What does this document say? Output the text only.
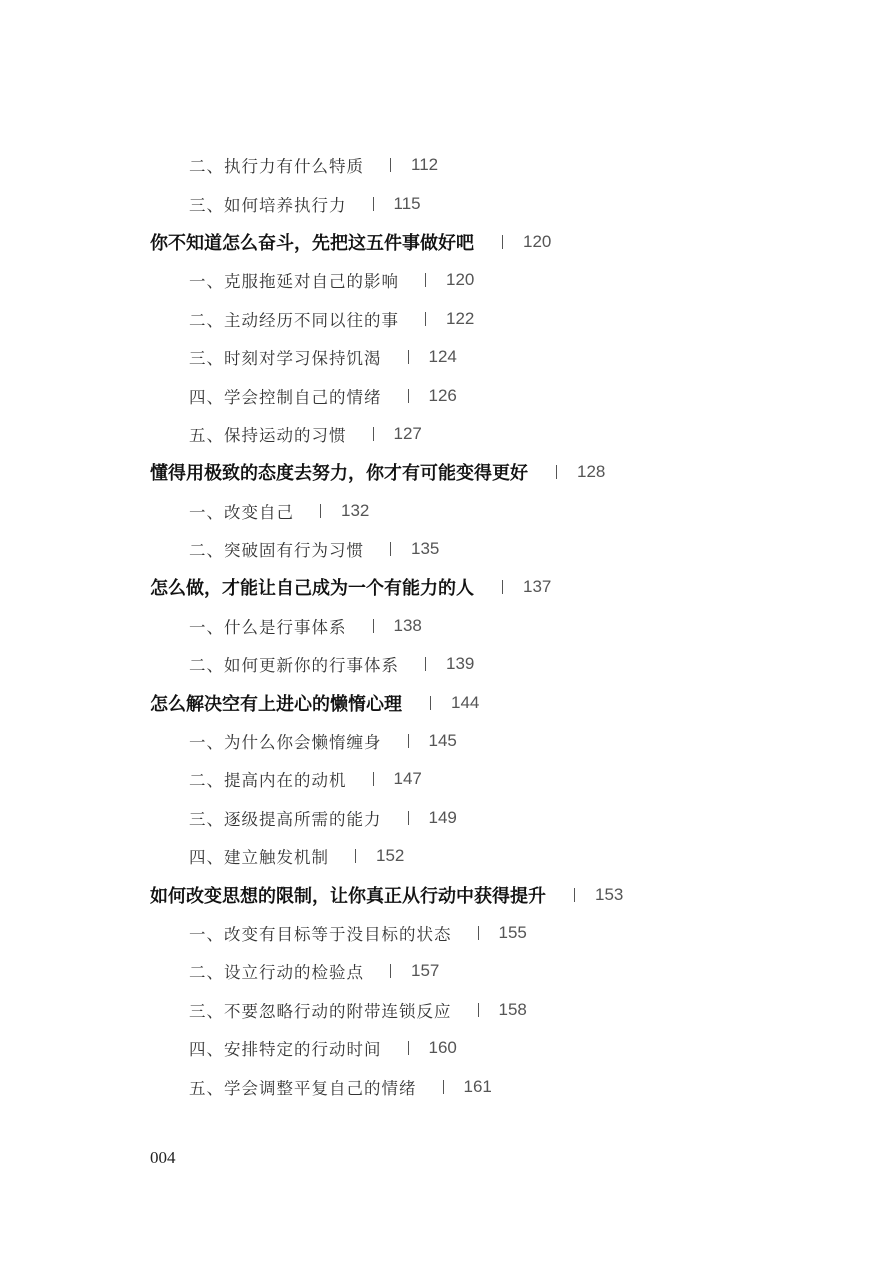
二、执行力有什么特质	112
三、如何培养执行力	115
你不知道怎么奋斗，先把这五件事做好吧	120
一、克服拖延对自己的影响	120
二、主动经历不同以往的事	122
三、时刻对学习保持饥渴	124
四、学会控制自己的情绪	126
五、保持运动的习惯	127
懂得用极致的态度去努力，你才有可能变得更好	128
一、改变自己	132
二、突破固有行为习惯	135
怎么做，才能让自己成为一个有能力的人	137
一、什么是行事体系	138
二、如何更新你的行事体系	139
怎么解决空有上进心的懒惰心理	144
一、为什么你会懒惰缠身	145
二、提高内在的动机	147
三、逐级提高所需的能力	149
四、建立触发机制	152
如何改变思想的限制，让你真正从行动中获得提升	153
一、改变有目标等于没目标的状态	155
二、设立行动的检验点	157
三、不要忽略行动的附带连锁反应	158
四、安排特定的行动时间	160
五、学会调整平复自己的情绪	161
004
